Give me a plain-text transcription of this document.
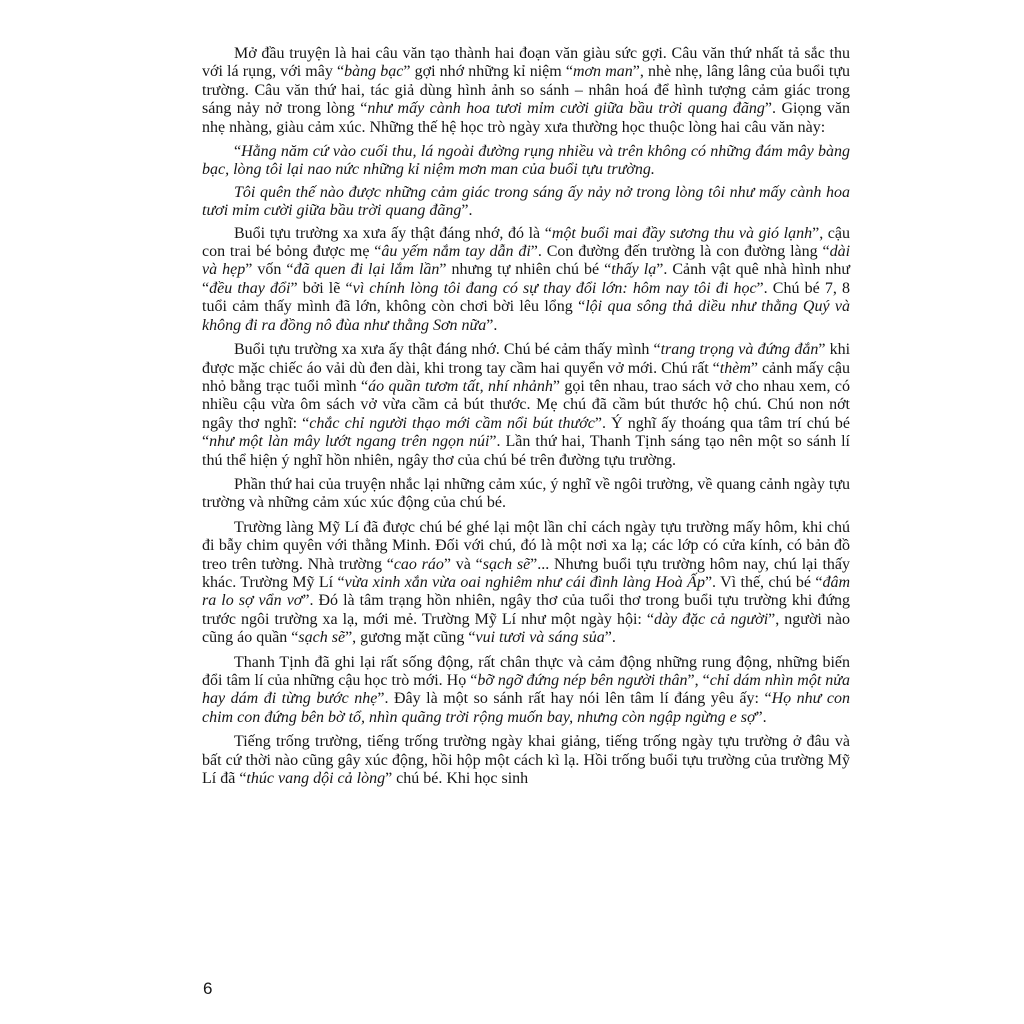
Mở đầu truyện là hai câu văn tạo thành hai đoạn văn giàu sức gợi. Câu văn thứ nhất tả sắc thu với lá rụng, với mây “bàng bạc” gợi nhớ những kỉ niệm “mơn man”, nhè nhẹ, lâng lâng của buổi tựu trường. Câu văn thứ hai, tác giả dùng hình ảnh so sánh – nhân hoá để hình tượng cảm giác trong sáng nảy nở trong lòng “như mấy cành hoa tươi mỉm cười giữa bầu trời quang đãng”. Giọng văn nhẹ nhàng, giàu cảm xúc. Những thế hệ học trò ngày xưa thường học thuộc lòng hai câu văn này:

“Hằng năm cứ vào cuối thu, lá ngoài đường rụng nhiều và trên không có những đám mây bàng bạc, lòng tôi lại nao nức những kỉ niệm mơn man của buổi tựu trường.

Tôi quên thế nào được những cảm giác trong sáng ấy nảy nở trong lòng tôi như mấy cành hoa tươi mỉm cười giữa bầu trời quang đãng”.

Buổi tựu trường xa xưa ấy thật đáng nhớ, đó là “một buổi mai đầy sương thu và gió lạnh”, cậu con trai bé bỏng được mẹ “âu yếm nắm tay dẫn đi”. Con đường đến trường là con đường làng “dài và hẹp” vốn “đã quen đi lại lắm lần” nhưng tự nhiên chú bé “thấy lạ”. Cảnh vật quê nhà hình như “đều thay đổi” bởi lẽ “vì chính lòng tôi đang có sự thay đổi lớn: hôm nay tôi đi học”. Chú bé 7, 8 tuổi cảm thấy mình đã lớn, không còn chơi bời lêu lổng “lội qua sông thả diều như thằng Quý và không đi ra đồng nô đùa như thằng Sơn nữa”.

Buổi tựu trường xa xưa ấy thật đáng nhớ. Chú bé cảm thấy mình “trang trọng và đứng đắn” khi được mặc chiếc áo vải dù đen dài, khi trong tay cầm hai quyển vở mới. Chú rất “thèm” cảnh mấy cậu nhỏ bằng trạc tuổi mình “áo quần tươm tất, nhí nhảnh” gọi tên nhau, trao sách vở cho nhau xem, có nhiều cậu vừa ôm sách vở vừa cầm cả bút thước. Mẹ chú đã cầm bút thước hộ chú. Chú non nớt ngây thơ nghĩ: “chắc chỉ người thạo mới cầm nổi bút thước”. Ý nghĩ ấy thoáng qua tâm trí chú bé “như một làn mây lướt ngang trên ngọn núi”. Lần thứ hai, Thanh Tịnh sáng tạo nên một so sánh lí thú thể hiện ý nghĩ hồn nhiên, ngây thơ của chú bé trên đường tựu trường.

Phần thứ hai của truyện nhắc lại những cảm xúc, ý nghĩ về ngôi trường, về quang cảnh ngày tựu trường và những cảm xúc xúc động của chú bé.

Trường làng Mỹ Lí đã được chú bé ghé lại một lần chỉ cách ngày tựu trường mấy hôm, khi chú đi bẫy chim quyên với thằng Minh. Đối với chú, đó là một nơi xa lạ; các lớp có cửa kính, có bản đồ treo trên tường. Nhà trường “cao ráo” và “sạch sẽ”... Nhưng buổi tựu trường hôm nay, chú lại thấy khác. Trường Mỹ Lí “vừa xinh xắn vừa oai nghiêm như cái đình làng Hoà Ấp”. Vì thế, chú bé “đâm ra lo sợ vẩn vơ”. Đó là tâm trạng hồn nhiên, ngây thơ của tuổi thơ trong buổi tựu trường khi đứng trước ngôi trường xa lạ, mới mẻ. Trường Mỹ Lí như một ngày hội: “dày đặc cả người”, người nào cũng áo quần “sạch sẽ”, gương mặt cũng “vui tươi và sáng sủa”.

Thanh Tịnh đã ghi lại rất sống động, rất chân thực và cảm động những rung động, những biến đổi tâm lí của những cậu học trò mới. Họ “bỡ ngỡ đứng nép bên người thân”, “chỉ dám nhìn một nửa hay dám đi từng bước nhẹ”. Đây là một so sánh rất hay nói lên tâm lí đáng yêu ấy: “Họ như con chim con đứng bên bờ tổ, nhìn quãng trời rộng muốn bay, nhưng còn ngập ngừng e sợ”.

Tiếng trống trường, tiếng trống trường ngày khai giảng, tiếng trống ngày tựu trường ở đâu và bất cứ thời nào cũng gây xúc động, hồi hộp một cách kì lạ. Hồi trống buổi tựu trường của trường Mỹ Lí đã “thúc vang dội cả lòng” chú bé. Khi học sinh

6
